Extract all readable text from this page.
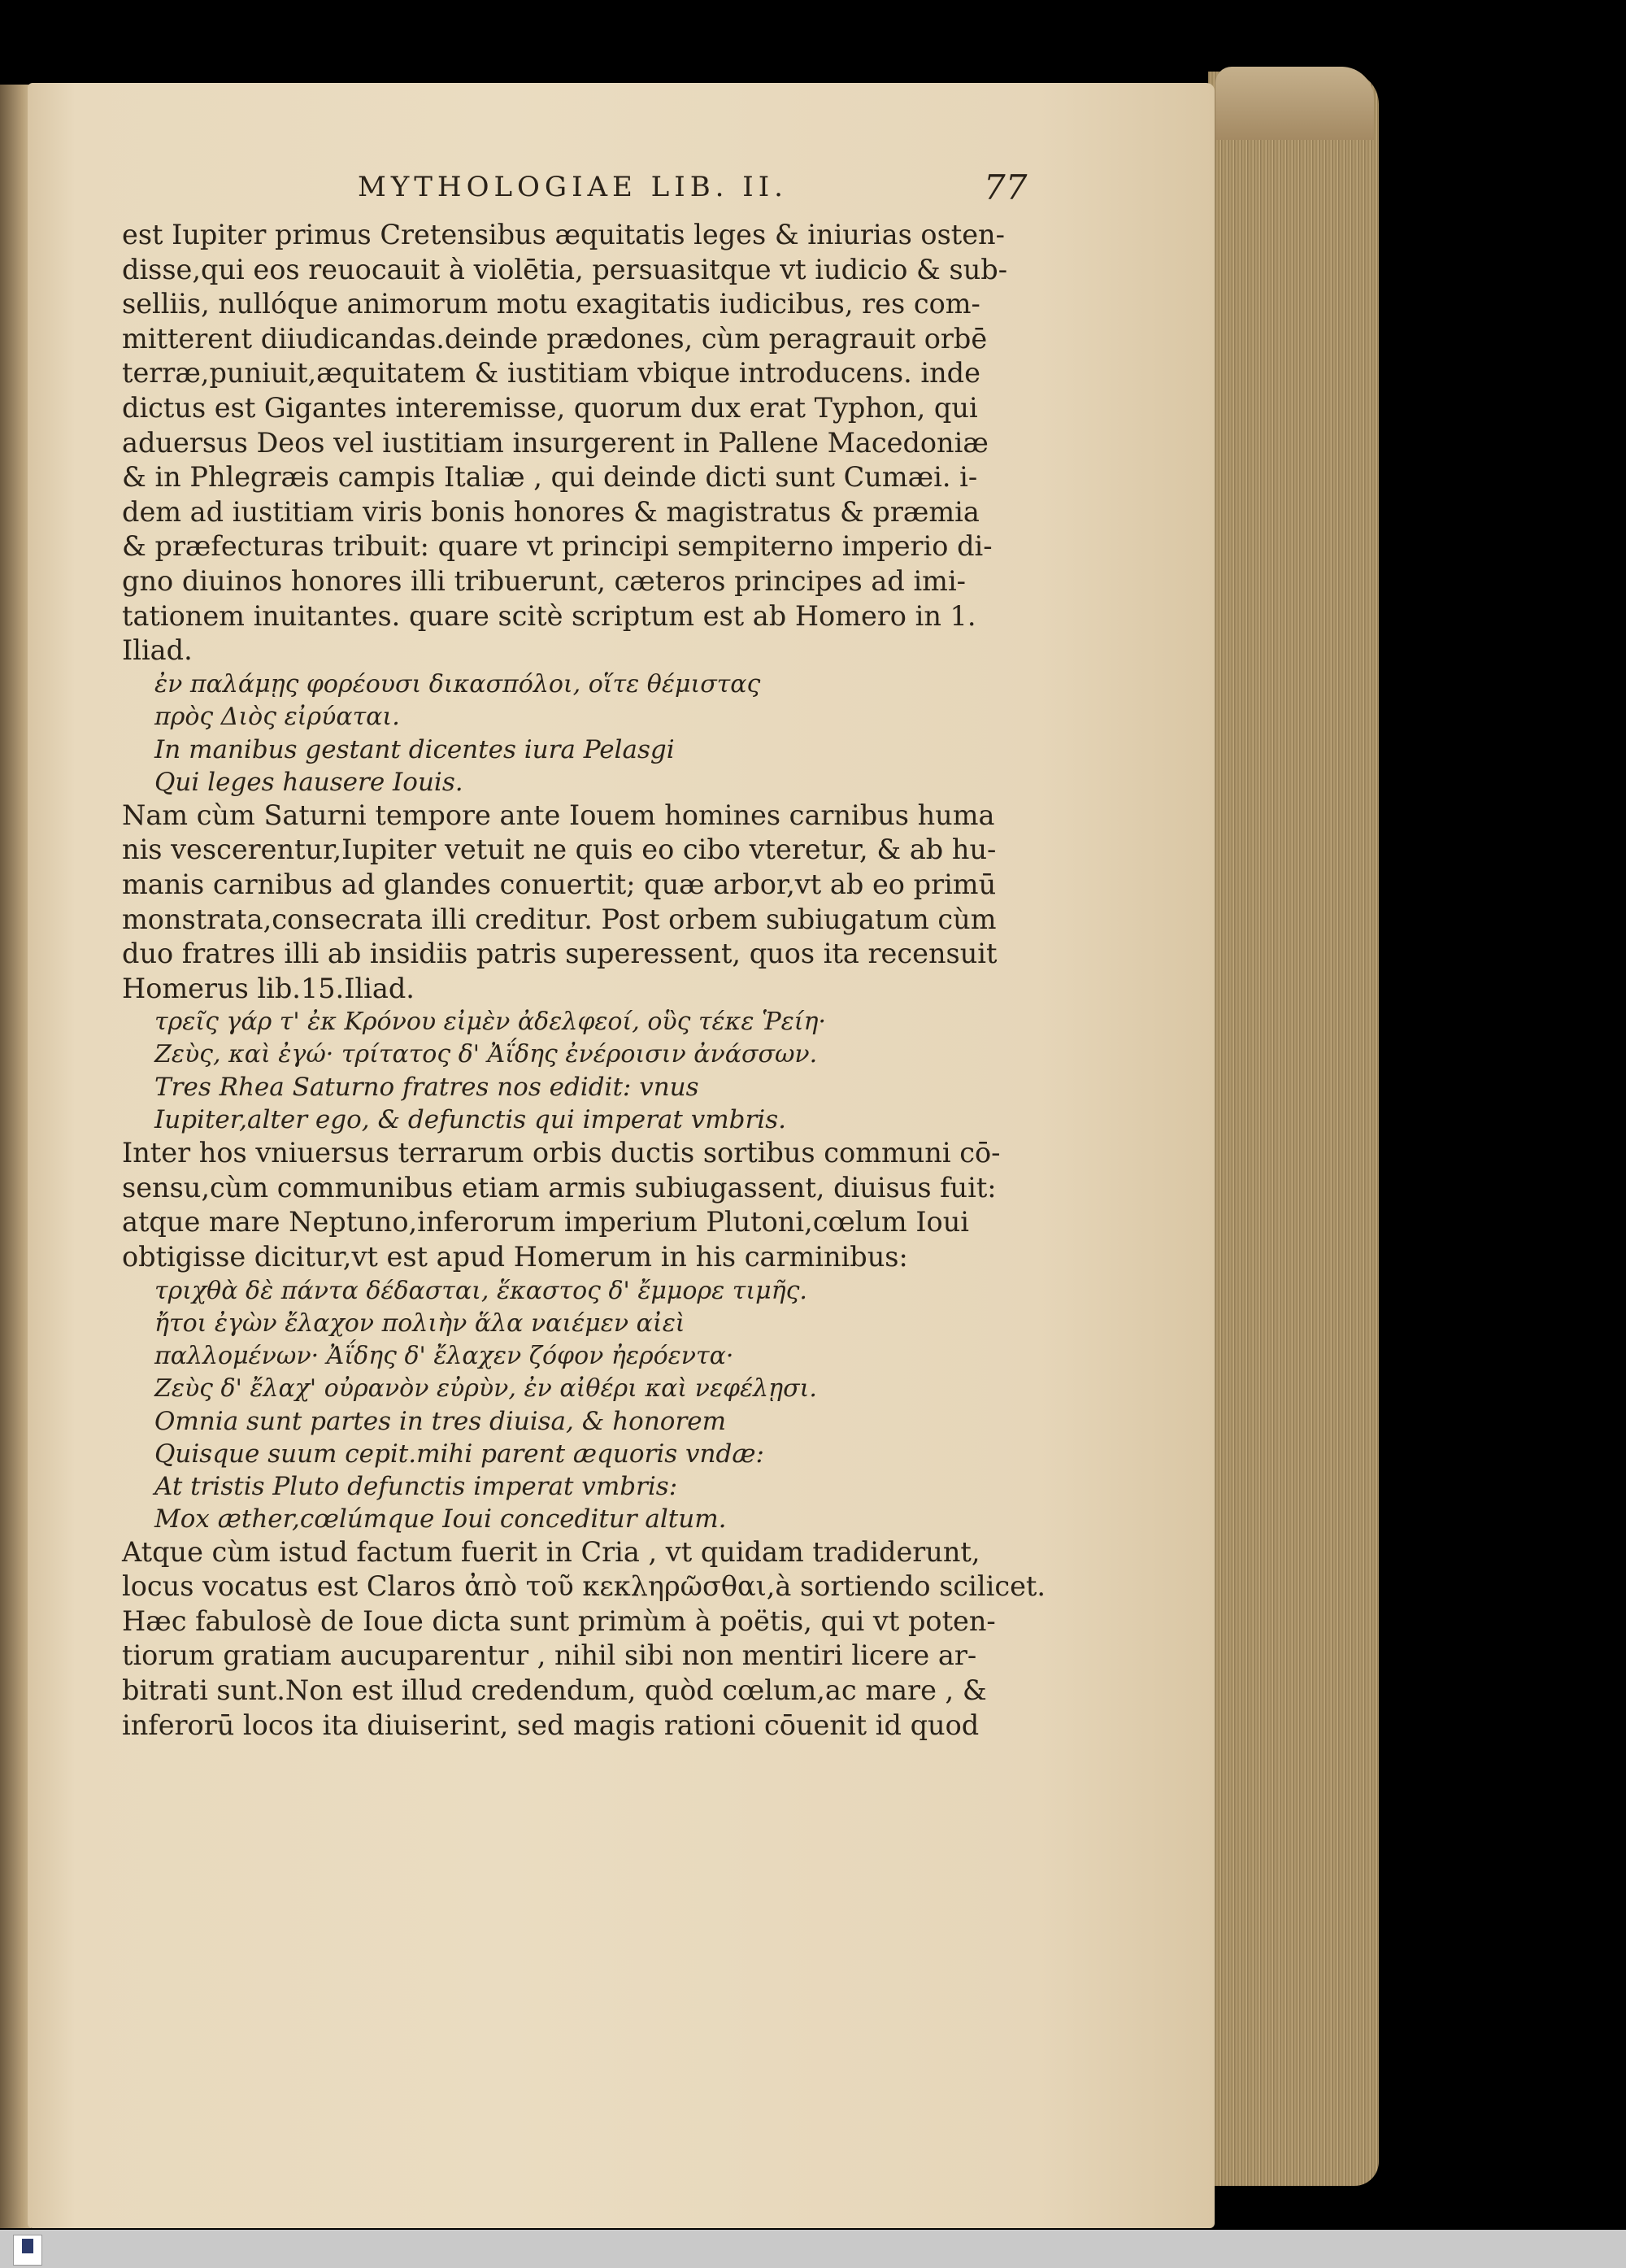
MYTHOLOGIAE LIB. II.	77

est Iupiter primus Cretensibus æquitatis leges & iniurias osten-

disse,qui eos reuocauit à violētia, persuasitque vt iudicio & sub-

selliis, nullóque animorum motu exagitatis iudicibus, res com-

mitterent diiudicandas.deinde prædones, cùm peragrauit orbē

terræ,puniuit,æquitatem & iustitiam vbique introducens. inde

dictus est Gigantes interemisse, quorum dux erat Typhon, qui

aduersus Deos vel iustitiam insurgerent in Pallene Macedoniæ

& in Phlegræis campis Italiæ , qui deinde dicti sunt Cumæi. i-

dem ad iustitiam viris bonis honores & magistratus & præmia

& præfecturas tribuit: quare vt principi sempiterno imperio di-

gno diuinos honores illi tribuerunt, cæteros principes ad imi-

tationem inuitantes. quare scitè scriptum est ab Homero in 1.

Iliad.

ἐν παλάμῃς φορέουσι δικασπόλοι, οἵτε θέμιστας

πρὸς Διὸς εἰρύαται.

In manibus gestant dicentes iura Pelasgi

Qui leges hausere Iouis.

Nam cùm Saturni tempore ante Iouem homines carnibus huma

nis vescerentur,Iupiter vetuit ne quis eo cibo vteretur, & ab hu-

manis carnibus ad glandes conuertit; quæ arbor,vt ab eo primū

monstrata,consecrata illi creditur. Post orbem subiugatum cùm

duo fratres illi ab insidiis patris superessent, quos ita recensuit

Homerus lib.15.Iliad.

τρεῖς γάρ τ' ἐκ Κρόνου εἰμὲν ἀδελφεοί, οὓς τέκε Ῥείη·

Ζεὺς, καὶ ἐγώ· τρίτατος δ' Ἀΐδης ἐνέροισιν ἀνάσσων.

Tres Rhea Saturno fratres nos edidit: vnus

Iupiter,alter ego, & defunctis qui imperat vmbris.

Inter hos vniuersus terrarum orbis ductis sortibus communi cō-

sensu,cùm communibus etiam armis subiugassent, diuisus fuit:

atque mare Neptuno,inferorum imperium Plutoni,cœlum Ioui

obtigisse dicitur,vt est apud Homerum in his carminibus:

τριχθὰ δὲ πάντα δέδασται, ἕκαστος δ' ἔμμορε τιμῆς.

ἤτοι ἐγὼν ἔλαχον πολιὴν ἅλα ναιέμεν αἰεὶ

παλλομένων· Ἀΐδης δ' ἔλαχεν ζόφον ἠερόεντα·

Ζεὺς δ' ἔλαχ' οὐρανὸν εὐρὺν, ἐν αἰθέρι καὶ νεφέλῃσι.

Omnia sunt partes in tres diuisa, & honorem

Quisque suum cepit.mihi parent æquoris vndæ:

At tristis Pluto defunctis imperat vmbris:

Mox æther,cœlúmque Ioui conceditur altum.

Atque cùm istud factum fuerit in Cria , vt quidam tradiderunt,

locus vocatus est Claros ἀπὸ τοῦ κεκληρῶσθαι,à sortiendo scilicet.

Hæc fabulosè de Ioue dicta sunt primùm à poëtis, qui vt poten-

tiorum gratiam aucuparentur , nihil sibi non mentiri licere ar-

bitrati sunt.Non est illud credendum, quòd cœlum,ac mare , &

inferorū locos ita diuiserint, sed magis rationi cōuenit id quod
